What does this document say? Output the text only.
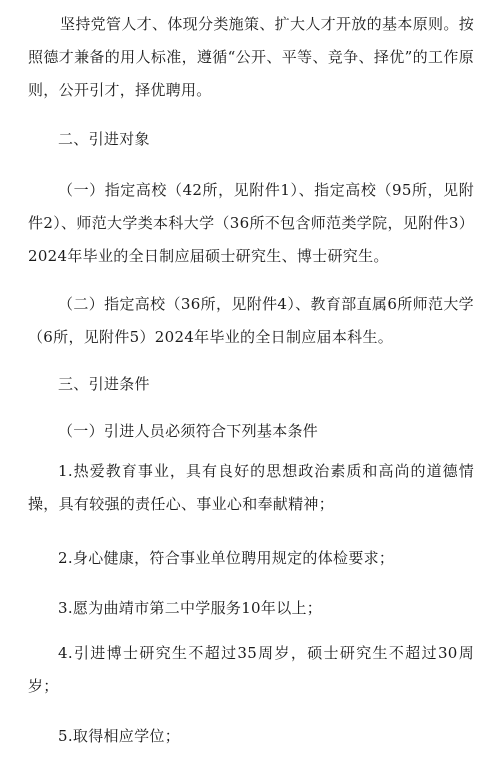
坚持党管人才、体现分类施策、扩大人才开放的基本原则。按照德才兼备的用人标准，遵循“公开、平等、竞争、择优”的工作原则，公开引才，择优聘用。

二、引进对象

（一）指定高校（42所，见附件1）、指定高校（95所，见附件2）、师范大学类本科大学（36所不包含师范类学院，见附件3）2024年毕业的全日制应届硕士研究生、博士研究生。

（二）指定高校（36所，见附件4）、教育部直属6所师范大学（6所，见附件5）2024年毕业的全日制应届本科生。

三、引进条件

（一）引进人员必须符合下列基本条件

1.热爱教育事业，具有良好的思想政治素质和高尚的道德情操，具有较强的责任心、事业心和奉献精神；

2.身心健康，符合事业单位聘用规定的体检要求；

3.愿为曲靖市第二中学服务10年以上；

4.引进博士研究生不超过35周岁，硕士研究生不超过30周岁；

5.取得相应学位；
